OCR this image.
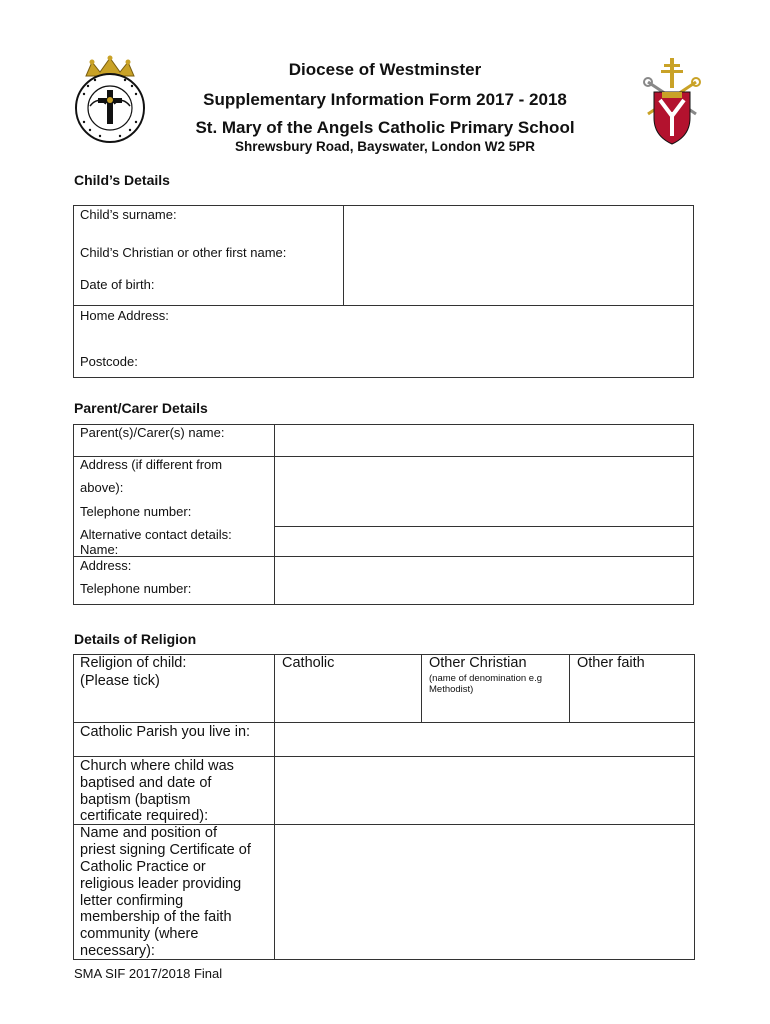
Diocese of Westminster
Supplementary Information Form 2017 - 2018
St. Mary of the Angels Catholic Primary School
Shrewsbury Road, Bayswater, London W2 5PR
Child’s Details
Child’s surname:
Child’s Christian or other first name:
Date of birth:
Home Address:
Postcode:
Parent/Carer Details
Parent(s)/Carer(s) name:
Address (if different from
above):
Telephone number:
Alternative contact details:
Name:
Address:
Telephone number:
Details of Religion
Religion of child:
(Please tick)
Catholic	Other Christian
(name of denomination e.g
Methodist)
Other faith
Catholic Parish you live in:
Church where child was
baptised and date of
baptism (baptism
certificate required):
Name and position of
priest signing Certificate of
Catholic Practice or
religious leader providing
letter confirming
membership of the faith
community (where
necessary):
SMA SIF 2017/2018 Final
